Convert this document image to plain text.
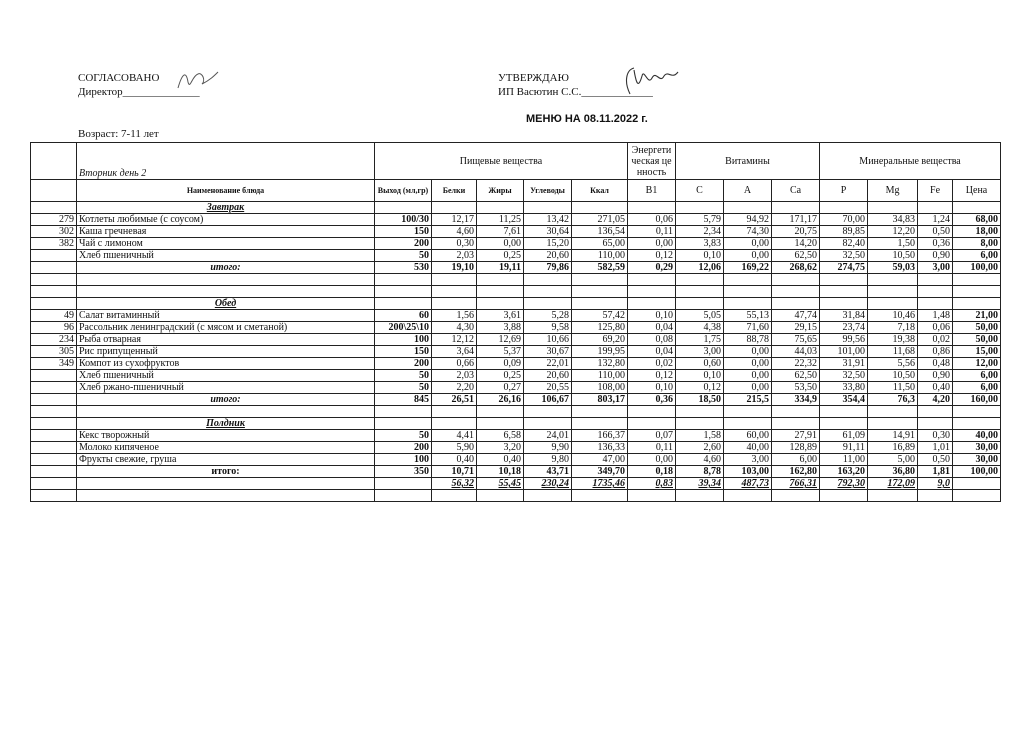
СОГЛАСОВАНО
Директор______________
УТВЕРЖДАЮ
ИП Васютин С.С._____________
МЕНЮ НА 08.11.2022 г.
Возраст: 7-11 лет
	Вторник день 2	Пищевые вещества					Энергетическая ценность	Витамины			Минеральные вещества				
	Наименование блюда	Выход (мл,гр)	Белки	Жиры	Углеводы	Ккал	В1	С	А	Са	Р	Mg	Fe	Цена	
	Завтрак														
279	Котлеты любимые (с соусом)	100/30	12,17	11,25	13,42	271,05	0,06	5,79	94,92	171,17	70,00	34,83	1,24	68,00	
302	Каша гречневая	150	4,60	7,61	30,64	136,54	0,11	2,34	74,30	20,75	89,85	12,20	0,50	18,00	
382	Чай с лимоном	200	0,30	0,00	15,20	65,00	0,00	3,83	0,00	14,20	82,40	1,50	0,36	8,00	
	Хлеб пшеничный	50	2,03	0,25	20,60	110,00	0,12	0,10	0,00	62,50	32,50	10,50	0,90	6,00	
	итого:	530	19,10	19,11	79,86	582,59	0,29	12,06	169,22	268,62	274,75	59,03	3,00	100,00	

	Обед														
49	Салат витаминный	60	1,56	3,61	5,28	57,42	0,10	5,05	55,13	47,74	31,84	10,46	1,48	21,00	
96	Рассольник ленинградский (с мясом и сметаной)	200\25\10	4,30	3,88	9,58	125,80	0,04	4,38	71,60	29,15	23,74	7,18	0,06	50,00	
234	Рыба отварная	100	12,12	12,69	10,66	69,20	0,08	1,75	88,78	75,65	99,56	19,38	0,02	50,00	
305	Рис припущенный	150	3,64	5,37	30,67	199,95	0,04	3,00	0,00	44,03	101,00	11,68	0,86	15,00	
349	Компот из сухофруктов	200	0,66	0,09	22,01	132,80	0,02	0,60	0,00	22,32	31,91	5,56	0,48	12,00	
	Хлеб пшеничный	50	2,03	0,25	20,60	110,00	0,12	0,10	0,00	62,50	32,50	10,50	0,90	6,00	
	Хлеб ржано-пшеничный	50	2,20	0,27	20,55	108,00	0,10	0,12	0,00	53,50	33,80	11,50	0,40	6,00	
	итого:	845	26,51	26,16	106,67	803,17	0,36	18,50	215,5	334,9	354,4	76,3	4,20	160,00	

	Полдник														
	Кекс творожный	50	4,41	6,58	24,01	166,37	0,07	1,58	60,00	27,91	61,09	14,91	0,30	40,00	
	Молоко кипяченое	200	5,90	3,20	9,90	136,33	0,11	2,60	40,00	128,89	91,11	16,89	1,01	30,00	
	Фрукты свежие, груша	100	0,40	0,40	9,80	47,00	0,00	4,60	3,00	6,00	11,00	5,00	0,50	30,00	
	итого:	350	10,71	10,18	43,71	349,70	0,18	8,78	103,00	162,80	163,20	36,80	1,81	100,00	
			56,32	55,45	230,24	1735,46	0,83	39,34	487,73	766,31	792,30	172,09	9,0		
